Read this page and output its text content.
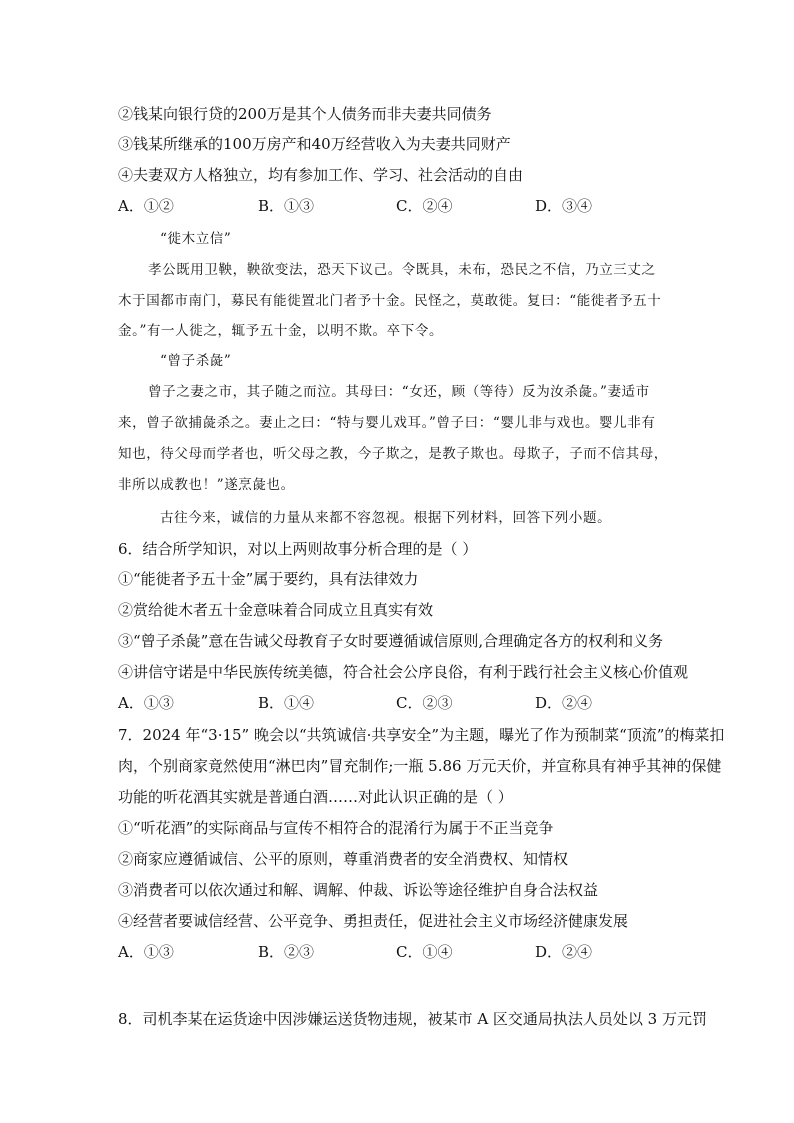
②钱某向银行贷的200万是其个人债务而非夫妻共同债务
③钱某所继承的100万房产和40万经营收入为夫妻共同财产
④夫妻双方人格独立，均有参加工作、学习、社会活动的自由
A．①②	B．①③	C．②④	D．③④
“徙木立信”
孝公既用卫鞅，鞅欲变法，恐天下议己。令既具，未布，恐民之不信，乃立三丈之
木于国都市南门，募民有能徙置北门者予十金。民怪之，莫敢徙。复曰：“能徙者予五十
金。”有一人徙之，辄予五十金，以明不欺。卒下令。
“曾子杀彘”
曾子之妻之市，其子随之而泣。其母曰：“女还，顾（等待）反为汝杀彘。”妻适市
来，曾子欲捕彘杀之。妻止之曰：“特与婴儿戏耳。”曾子曰：“婴儿非与戏也。婴儿非有
知也，待父母而学者也，听父母之教，今子欺之，是教子欺也。母欺子，子而不信其母，
非所以成教也！”遂烹彘也。
古往今来，诚信的力量从来都不容忽视。根据下列材料，回答下列小题。
6．结合所学知识，对以上两则故事分析合理的是（ ）
①“能徙者予五十金”属于要约，具有法律效力
②赏给徙木者五十金意味着合同成立且真实有效
③“曾子杀彘”意在告诫父母教育子女时要遵循诚信原则,合理确定各方的权利和义务
④讲信守诺是中华民族传统美德，符合社会公序良俗，有利于践行社会主义核心价值观
A．①③	B．①④	C．②③	D．②④
7．2024 年“3·15” 晚会以“共筑诚信·共享安全”为主题，曝光了作为预制菜“顶流”的梅菜扣
肉，个别商家竟然使用“淋巴肉”冒充制作;一瓶 5.86 万元天价，并宣称具有神乎其神的保健
功能的听花酒其实就是普通白酒……对此认识正确的是（ ）
①“听花酒”的实际商品与宣传不相符合的混淆行为属于不正当竞争
②商家应遵循诚信、公平的原则，尊重消费者的安全消费权、知情权
③消费者可以依次通过和解、调解、仲裁、诉讼等途径维护自身合法权益
④经营者要诚信经营、公平竞争、勇担责任，促进社会主义市场经济健康发展
A．①③	B．②③	C．①④	D．②④
8．司机李某在运货途中因涉嫌运送货物违规，被某市 A 区交通局执法人员处以 3 万元罚
